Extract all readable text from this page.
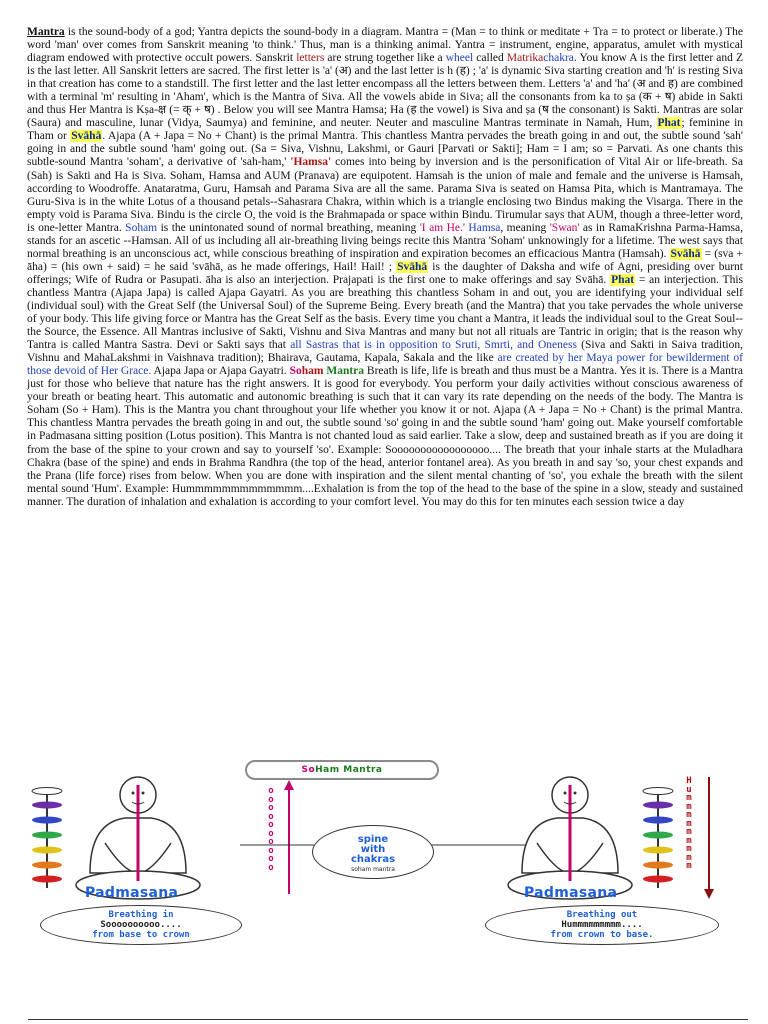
Mantra is the sound-body of a god; Yantra depicts the sound-body in a diagram. Mantra = (Man = to think or meditate + Tra = to protect or liberate.) The word 'man' over comes from Sanskrit meaning 'to think.' Thus, man is a thinking animal. Yantra = instrument, engine, apparatus, amulet with mystical diagram endowed with protective occult powers. Sanskrit letters are strung together like a wheel called Matrikachakra. You know A is the first letter and Z is the last letter. All Sanskrit letters are sacred. The first letter is 'a' (अ) and the last letter is h (ह) ; 'a' is dynamic Siva starting creation and 'h' is resting Siva in that creation has come to a standstill. The first letter and the last letter encompass all the letters between them. Letters 'a' and 'ha' (अ and ह) are combined with a terminal 'm' resulting in 'Aham', which is the Mantra of Siva. All the vowels abide in Siva; all the consonants from ka to ṣa (क + ष) abide in Sakti and thus Her Mantra is Kṣa-क्ष (= क् + ष) . Below you will see Mantra Hamsa; Ha (ह the vowel) is Siva and ṣa (ष the consonant) is Sakti. Mantras are solar (Saura) and masculine, lunar (Vidya, Saumya) and feminine, and neuter. Neuter and masculine Mantras terminate in Namah, Hum, Phat; feminine in Tham or Svāhā. Ajapa (A + Japa = No + Chant) is the primal Mantra. This chantless Mantra pervades the breath going in and out, the subtle sound 'sah' going in and the subtle sound 'ham' going out. (Sa = Siva, Vishnu, Lakshmi, or Gauri [Parvati or Sakti]; Ham = I am; so = Parvati. As one chants this subtle-sound Mantra 'soham', a derivative of 'sah-ham,' 'Hamsa' comes into being by inversion and is the personification of Vital Air or life-breath. Sa (Sah) is Sakti and Ha is Siva. Soham, Hamsa and AUM (Pranava) are equipotent. Hamsah is the union of male and female and the universe is Hamsah, according to Woodroffe. Anataratma, Guru, Hamsah and Parama Siva are all the same. Parama Siva is seated on Hamsa Pita, which is Mantramaya. The Guru-Siva is in the white Lotus of a thousand petals--Sahasrara Chakra, within which is a triangle enclosing two Bindus making the Visarga. There in the empty void is Parama Siva. Bindu is the circle O, the void is the Brahmapada or space within Bindu. Tirumular says that AUM, though a three-letter word, is one-letter Mantra. Soham is the unintonated sound of normal breathing, meaning 'I am He.' Hamsa, meaning 'Swan' as in RamaKrishna Parma-Hamsa, stands for an ascetic --Hamsan. All of us including all air-breathing living beings recite this Mantra 'Soham' unknowingly for a lifetime. The west says that normal breathing is an unconscious act, while conscious breathing of inspiration and expiration becomes an efficacious Mantra (Hamsah). Svāhā = (sva + āha) = (his own + said) = he said 'svāhā, as he made offerings, Hail! Hail! ; Svāhā is the daughter of Daksha and wife of Agni, presiding over burnt offerings; Wife of Rudra or Pasupati. āha is also an interjection. Prajapati is the first one to make offerings and say Svāhā. Phat = an interjection. This chantless Mantra (Ajapa Japa) is called Ajapa Gayatri. As you are breathing this chantless Soham in and out, you are identifying your individual self (individual soul) with the Great Self (the Universal Soul) of the Supreme Being. Every breath (and the Mantra) that you take pervades the whole universe of your body. This life giving force or Mantra has the Great Self as the basis. Every time you chant a Mantra, it leads the individual soul to the Great Soul-- the Source, the Essence. All Mantras inclusive of Sakti, Vishnu and Siva Mantras and many but not all rituals are Tantric in origin; that is the reason why Tantra is called Mantra Sastra. Devi or Sakti says that all Sastras that is in opposition to Sruti, Smrti, and Oneness (Siva and Sakti in Saiva tradition, Vishnu and MahaLakshmi in Vaishnava tradition); Bhairava, Gautama, Kapala, Sakala and the like are created by her Maya power for bewilderment of those devoid of Her Grace. Ajapa Japa or Ajapa Gayatri. Soham Mantra Breath is life, life is breath and thus must be a Mantra. Yes it is. There is a Mantra just for those who believe that nature has the right answers. It is good for everybody. You perform your daily activities without conscious awareness of your breath or beating heart. This automatic and autonomic breathing is such that it can vary its rate depending on the needs of the body. The Mantra is Soham (So + Ham). This is the Mantra you chant throughout your life whether you know it or not. Ajapa (A + Japa = No + Chant) is the primal Mantra. This chantless Mantra pervades the breath going in and out, the subtle sound 'so' going in and the subtle sound 'ham' going out. Make yourself comfortable in Padmasana sitting position (Lotus position). This Mantra is not chanted loud as said earlier. Take a slow, deep and sustained breath as if you are doing it from the base of the spine to your crown and say to yourself 'so'. Example: Sooooooooooooooooo.... The breath that your inhale starts at the Muladhara Chakra (base of the spine) and ends in Brahma Randhra (the top of the head, anterior fontanel area). As you breath in and say 'so, your chest expands and the Prana (life force) rises from below. When you are done with inspiration and the silent mental chanting of 'so', you exhale the breath with the silent mental sound 'Hum'. Example: Hummmmmmmmmmmmm....Exhalation is from the top of the head to the base of the spine in a slow, steady and sustained manner. The duration of inhalation and exhalation is according to your comfort level. You may do this for ten minutes each session twice a day

SoHam Mantra
Padmasana
oooooooooo
spine
with
chakras
soham mantra
Padmasana
Hummmmmmmmm
Breathing in
Soooooooooo....
from base to crown
Breathing out
Hummmmmmmmm....
from crown to base.
